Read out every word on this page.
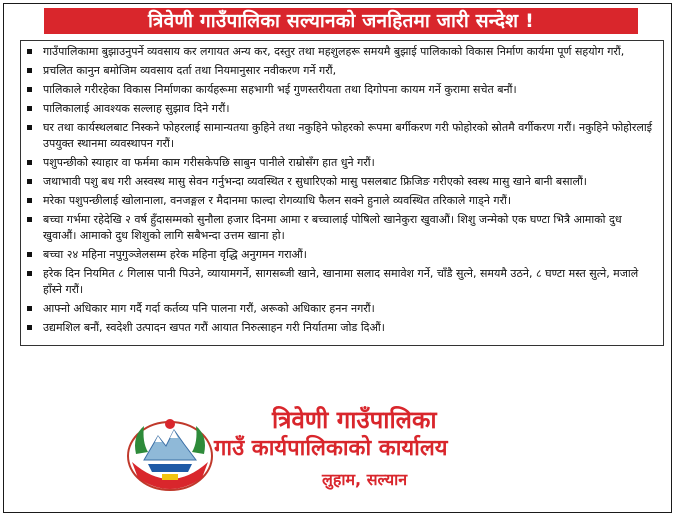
त्रिवेणी गाउँपालिका सल्यानको जनहितमा जारी सन्देश !
गाउँपालिकामा बुझाउनुपर्ने व्यवसाय कर लगायत अन्य कर, दस्तुर तथा महशुलहरू समयमै बुझाई पालिकाको विकास निर्माण कार्यमा पूर्ण सहयोग गरौं,
प्रचलित कानुन बमोजिम व्यवसाय दर्ता तथा नियमानुसार नवीकरण गर्ने गरौं,
पालिकाले गरीरहेका विकास निर्माणका कार्यहरूमा सहभागी भई गुणस्तरीयता तथा दिगोपना कायम गर्ने कुरामा सचेत बनौं।
पालिकालाई आवश्यक सल्लाह सुझाव दिने गरौं।
घर तथा कार्यस्थलबाट निस्कने फोहरलाई सामान्यतया कुहिने तथा नकुहिने फोहरको रूपमा बर्गीकरण गरी फोहोरको स्रोतमै वर्गीकरण गरौं। नकुहिने फोहोरलाई उपयुक्त स्थानमा व्यवस्थापन गरौं।
पशुपन्छीको स्याहार वा फर्ममा काम गरीसकेपछि साबुन पानीले राम्रोसँग हात धुने गरौं।
जथाभावी पशु बध गरी अस्वस्थ मासु सेवन गर्नुभन्दा व्यवस्थित र सुधारिएको मासु पसलबाट फ्रिजिङ गरीएको स्वस्थ मासु खाने बानी बसालौं।
मरेका पशुपन्छीलाई खोलानाला, वनजङ्गल र मैदानमा फाल्दा रोगव्याधि फैलन सक्ने हुनाले व्यवस्थित तरिकाले गाड्ने गरौं।
बच्चा गर्भमा रहेदेखि २ वर्ष हुँदासम्मको सुनौला हजार दिनमा आमा र बच्चालाई पोषिलो खानेकुरा खुवाऔं। शिशु जन्मेको एक घण्टा भित्रै आमाको दुध खुवाऔं। आमाको दुध शिशुको लागि सबैभन्दा उत्तम खाना हो।
बच्चा २४ महिना नपुगुञ्जेलसम्म हरेक महिना वृद्धि अनुगमन गराऔं।
हरेक दिन नियमित ८ गिलास पानी पिउने, व्यायामगर्ने, सागसब्जी खाने, खानामा सलाद समावेश गर्ने, चाँडै सुत्ने, समयमै उठने, ८ घण्टा मस्त सुत्ने, मजाले हाँस्ने गरौं।
आफ्नो अधिकार माग गर्दै गर्दा कर्तव्य पनि पालना गरौं, अरूको अधिकार हनन नगरौं।
उद्यमशिल बनौं, स्वदेशी उत्पादन खपत गरौं आयात निरुत्साहन गरी निर्यातमा जोड दिऔं।
त्रिवेणी गाउँपालिका
गाउँ कार्यपालिकाको कार्यालय
लुहाम, सल्यान
